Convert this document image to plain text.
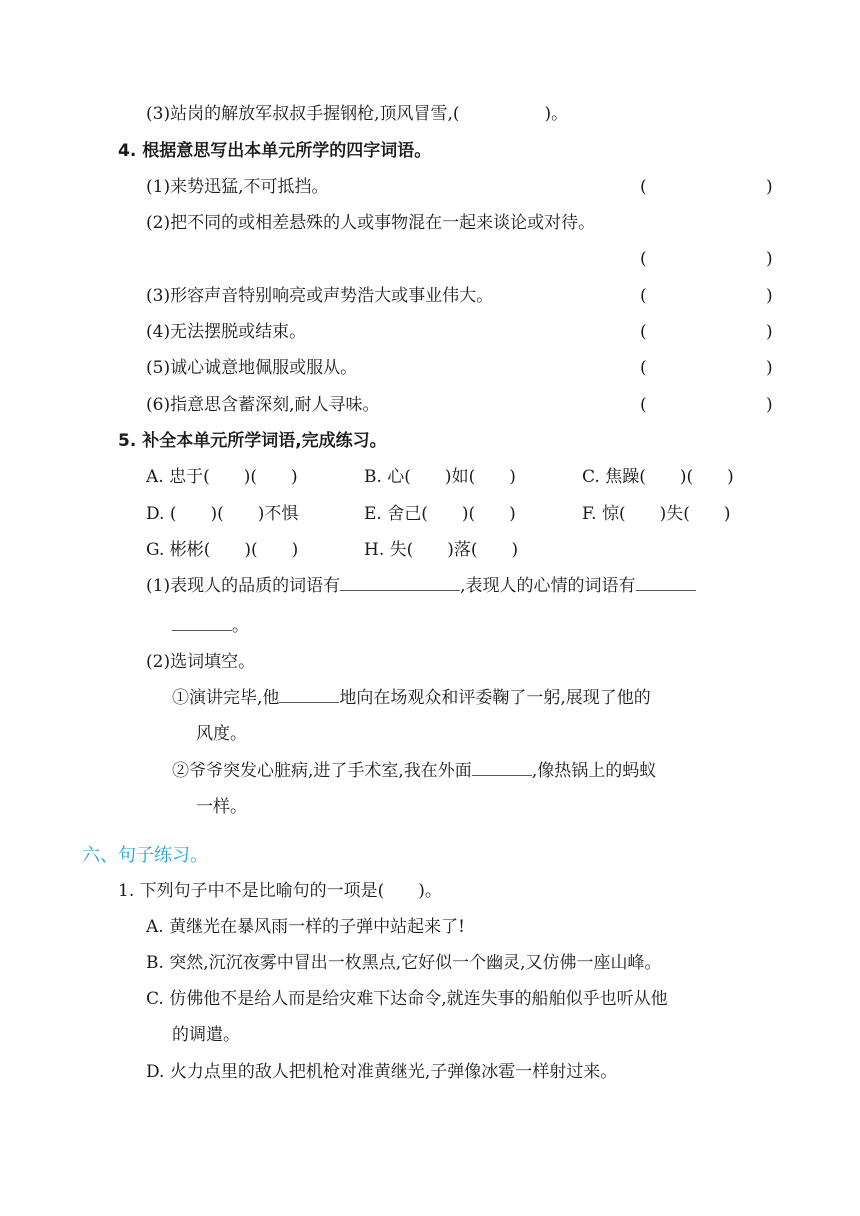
(3)站岗的解放军叔叔手握钢枪,顶风冒雪,(　　　　　)。
4. 根据意思写出本单元所学的四字词语。
(1)来势迅猛,不可抵挡。	(	)
(2)把不同的或相差悬殊的人或事物混在一起来谈论或对待。
(	)
(3)形容声音特别响亮或声势浩大或事业伟大。	(	)
(4)无法摆脱或结束。	(	)
(5)诚心诚意地佩服或服从。	(	)
(6)指意思含蓄深刻,耐人寻味。	(	)
5. 补全本单元所学词语,完成练习。
A. 忠于(　　)(　　)	B. 心(　　)如(　　)	C. 焦躁(　　)(　　)
D. (　　)(　　)不惧	E. 舍己(　　)(　　)	F. 惊(　　)失(　　)
G. 彬彬(　　)(　　)	H. 失(　　)落(　　)
(1)表现人的品质的词语有	,表现人的心情的词语有
。
(2)选词填空。
①演讲完毕,他	地向在场观众和评委鞠了一躬,展现了他的
风度。
②爷爷突发心脏病,进了手术室,我在外面	,像热锅上的蚂蚁
一样。
六、句子练习。
1. 下列句子中不是比喻句的一项是(　　)。
A. 黄继光在暴风雨一样的子弹中站起来了!
B. 突然,沉沉夜雾中冒出一枚黑点,它好似一个幽灵,又仿佛一座山峰。
C. 仿佛他不是给人而是给灾难下达命令,就连失事的船舶似乎也听从他
的调遣。
D. 火力点里的敌人把机枪对准黄继光,子弹像冰雹一样射过来。
